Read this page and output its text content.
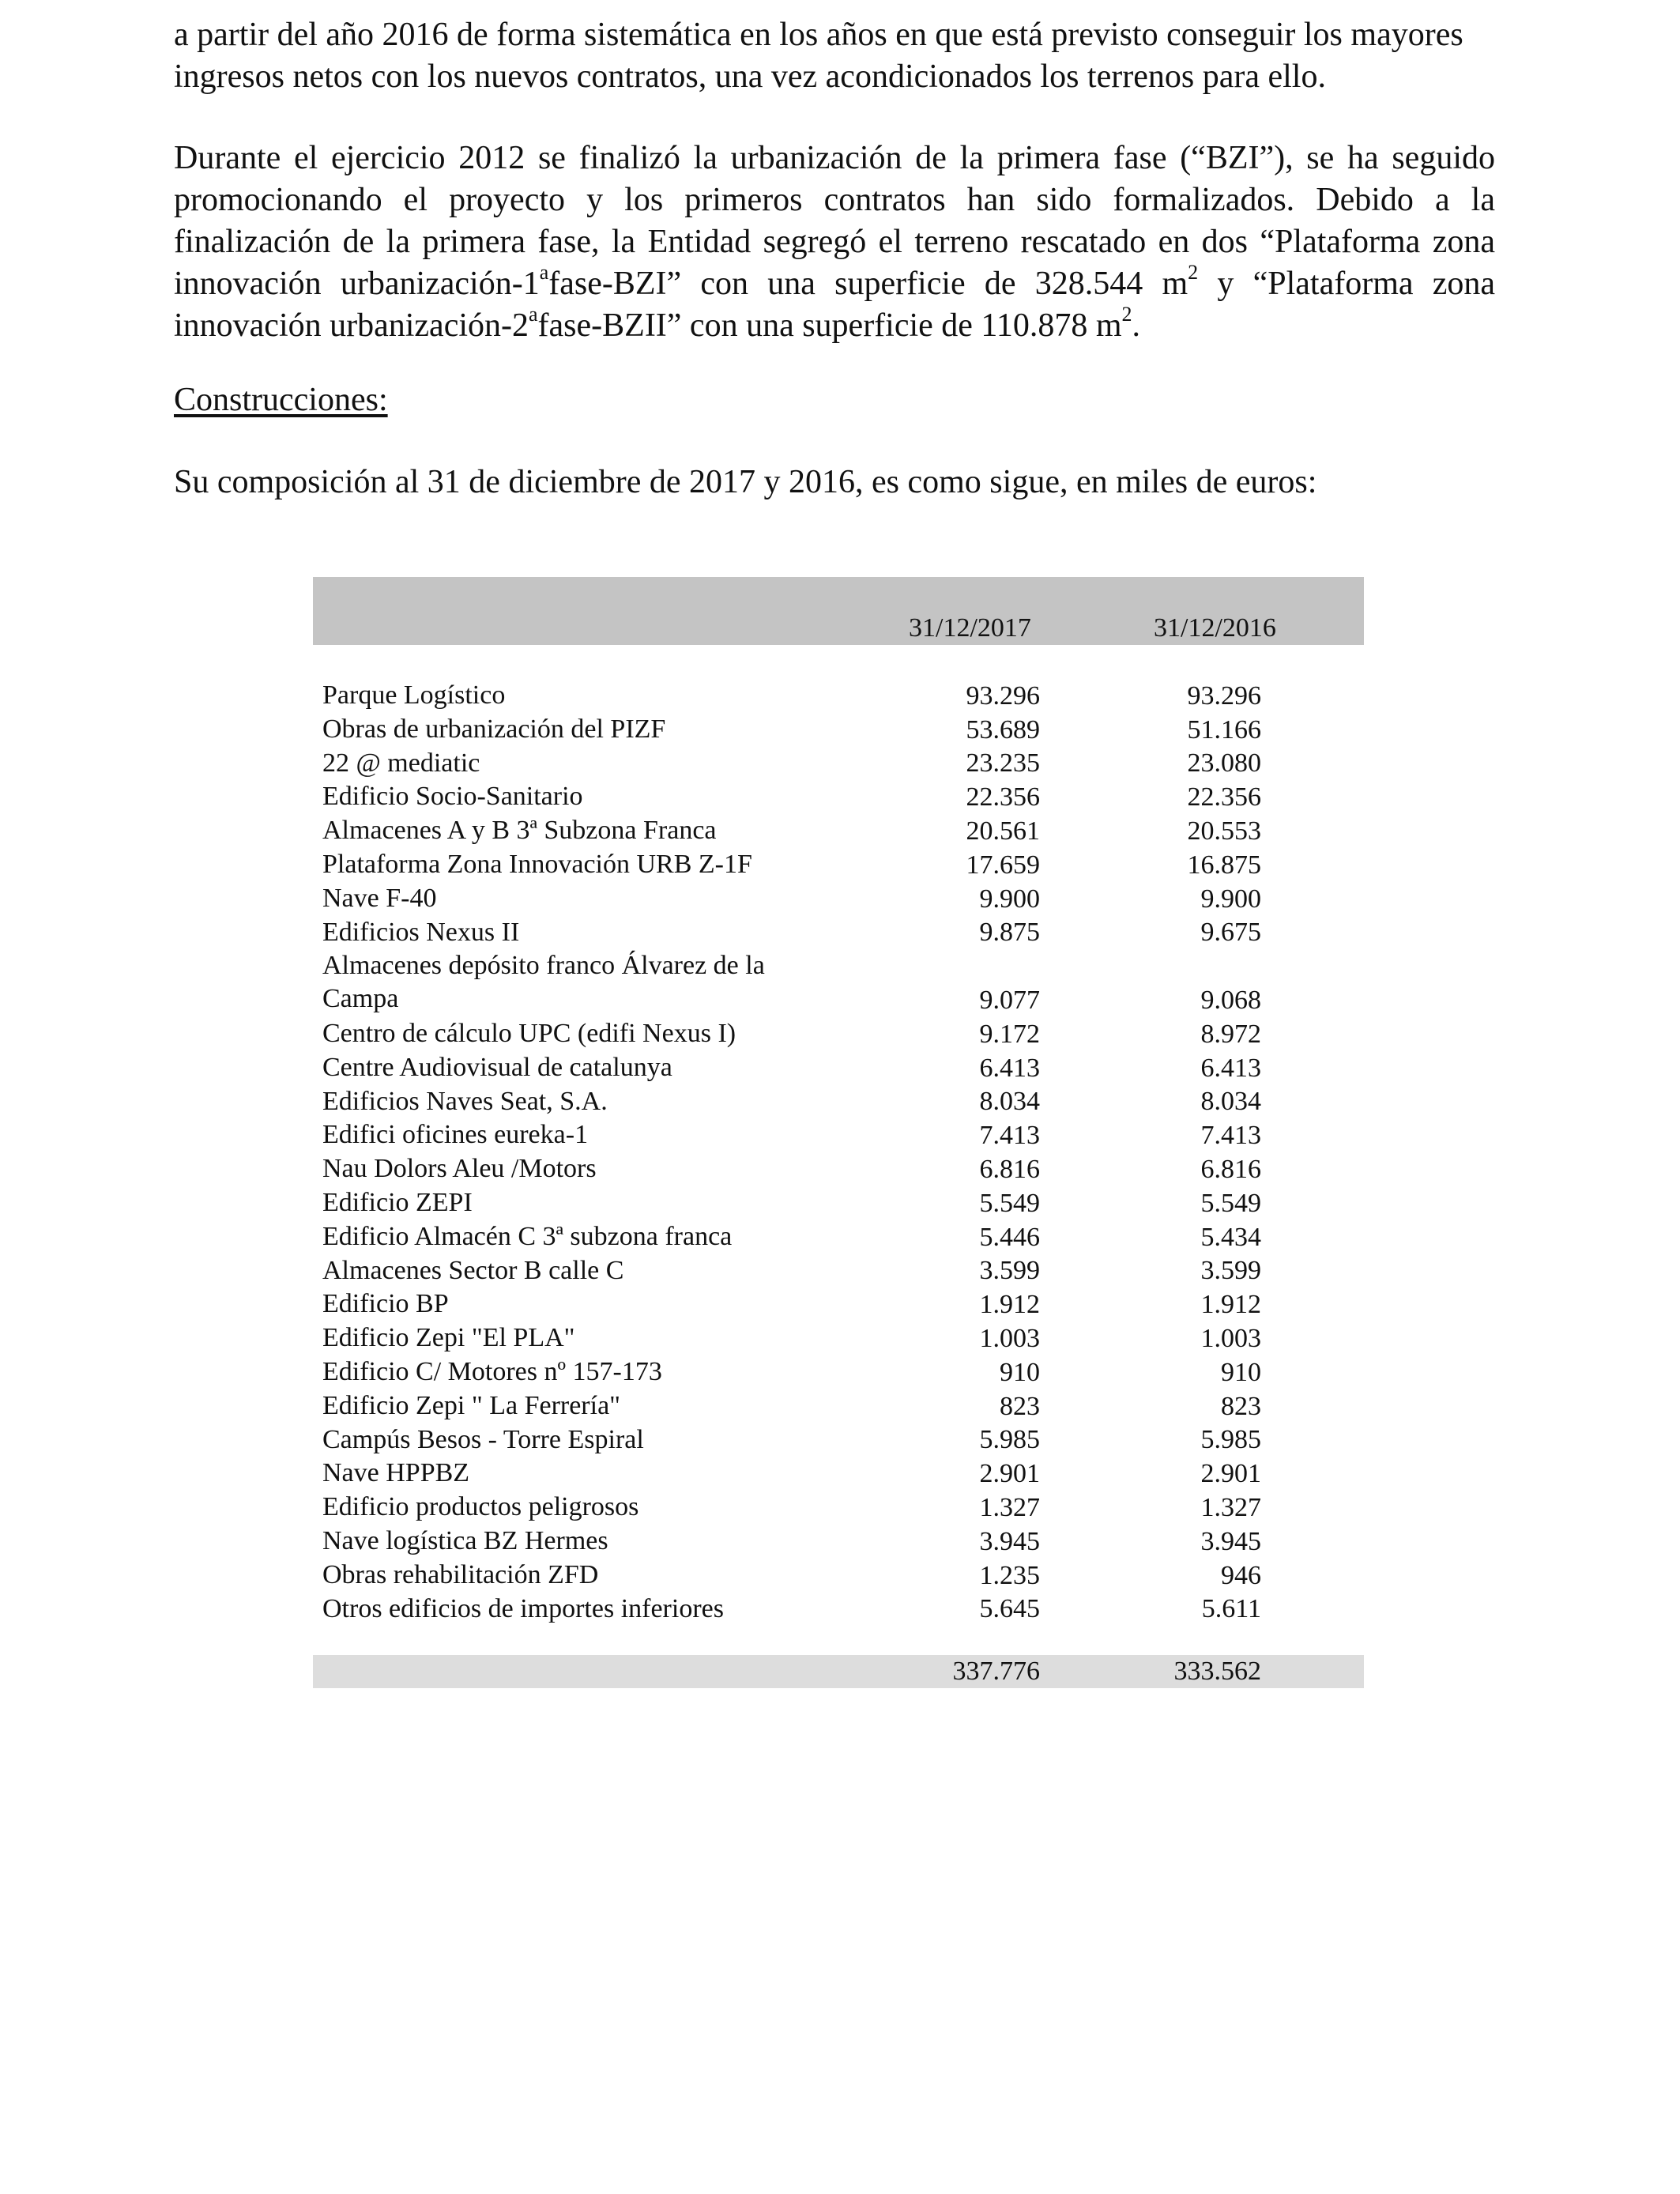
a partir del año 2016 de forma sistemática en los años en que está previsto conseguir los mayores ingresos netos con los nuevos contratos, una vez acondicionados los terrenos para ello.

Durante el ejercicio 2012 se finalizó la urbanización de la primera fase (“BZI”), se ha seguido promocionando el proyecto y los primeros contratos han sido formalizados. Debido a la finalización de la primera fase, la Entidad segregó el terreno rescatado en dos “Plataforma zona innovación urbanización-1$^a$fase-BZI” con una superficie de 328.544 $m^2$ y “Plataforma zona innovación urbanización-2$^a$fase-BZII” con una superficie de 110.878 $m^2$.

Construcciones:

Su composición al 31 de diciembre de 2017 y 2016, es como sigue, en miles de euros:

31/12/2017	31/12/2016
Parque Logístico	93.296	93.296
Obras de urbanización del PIZF	53.689	51.166
22 @ mediatic	23.235	23.080
Edificio Socio-Sanitario	22.356	22.356
Almacenes A y B 3ª Subzona Franca	20.561	20.553
Plataforma Zona Innovación URB Z-1F	17.659	16.875
Nave F-40	9.900	9.900
Edificios Nexus II	9.875	9.675
Almacenes depósito franco Álvarez de la Campa	9.077	9.068
Centro de cálculo UPC (edifi Nexus I)	9.172	8.972
Centre Audiovisual de catalunya	6.413	6.413
Edificios Naves Seat, S.A.	8.034	8.034
Edifici oficines eureka-1	7.413	7.413
Nau Dolors Aleu /Motors	6.816	6.816
Edificio ZEPI	5.549	5.549
Edificio Almacén C 3ª subzona franca	5.446	5.434
Almacenes Sector B calle C	3.599	3.599
Edificio BP	1.912	1.912
Edificio Zepi "El PLA"	1.003	1.003
Edificio C/ Motores nº 157-173	910	910
Edificio Zepi " La Ferrería"	823	823
Campús Besos - Torre Espiral	5.985	5.985
Nave HPPBZ	2.901	2.901
Edificio productos peligrosos	1.327	1.327
Nave logística BZ Hermes	3.945	3.945
Obras rehabilitación ZFD	1.235	946
Otros edificios de importes inferiores	5.645	5.611
337.776	333.562
